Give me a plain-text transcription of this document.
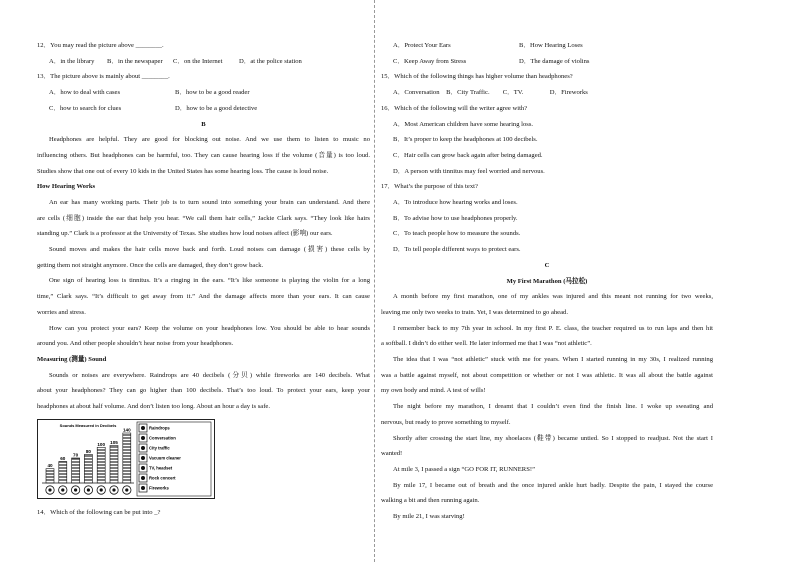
12．You may read the picture above ________.
A．in the library	B．in the newspaper	C．on the Internet	D．at the police station
13．The picture above is mainly about ________.
A．how to deal with cases	B．how to be a good reader
C．how to search for clues	D．how to be a good detective
B
Headphones are helpful. They are good for blocking out noise. And we use them to listen to music no
influencing others. But headphones can be harmful, too. They can cause hearing loss if the volume (音量) is too loud.
Studies show that one out of every 10 kids in the United States has some hearing loss. The cause is loud noise.
How Hearing Works
An ear has many working parts. Their job is to turn sound into something your brain can understand. And there
are cells (细胞) inside the ear that help you hear. “We call them hair cells,” Jackie Clark says. “They look like hairs
standing up.” Clark is a professor at the University of Texas. She studies how loud noises affect (影响) our ears.
Sound moves and makes the hair cells move back and forth. Loud noises can damage (损害) these cells by
getting them not straight anymore. Once the cells are damaged, they don’t grow back.
One sign of hearing loss is tinnitus. It’s a ringing in the ears. “It’s like someone is playing the violin for a long
time,” Clark says. “It’s difficult to get away from it.” And the damage affects more than your ears. It can cause
worries and stress.
How can you protect your ears? Keep the volume on your headphones low. You should be able to hear sounds
around you. And other people shouldn’t hear noise from your headphones.
Measuring (测量) Sound
Sounds or noises are everywhere. Raindrops are 40 decibels (分贝) while fireworks are 140 decibels. What
about your headphones? They can go higher than 100 decibels. That’s too loud. To protect your ears, keep your
headphones at about half volume. And don’t listen too long. About an hour a day is safe.
Sounds Measured in Decibels
40
60
70
80
100 105
140	Raindrops
Conversation
City traffic
Vacuum cleaner
TV, headset
Rock concert
Fireworks
14．Which of the following can be put into _?
A．Protect Your Ears	B．How Hearing Loses
C．Keep Away from Stress	D．The damage of violins
15．Which of the following things has higher volume than headphones?
A．Conversation　B．City Traffic.　　C．TV.　　　　D．Fireworks
16．Which of the following will the writer agree with?
A．Most American children have some hearing loss.
B．It’s proper to keep the headphones at 100 decibels.
C．Hair cells can grow back again after being damaged.
D．A person with tinnitus may feel worried and nervous.
17．What’s the purpose of this text?
A．To introduce how hearing works and loses.
B．To advise how to use headphones properly.
C．To teach people how to measure the sounds.
D．To tell people different ways to protect ears.
C
My First Marathon (马拉松)
A month before my first marathon, one of my ankles was injured and this meant not running for two weeks,
leaving me only two weeks to train. Yet, I was determined to go ahead.
I remember back to my 7th year in school. In my first P. E. class, the teacher required us to run laps and then hit
a softball. I didn’t do either well. He later informed me that I was “not athletic”.
The idea that I was “not athletic” stuck with me for years. When I started running in my 30s, I realized running
was a battle against myself, not about competition or whether or not I was athletic. It was all about the battle against
my own body and mind. A test of wills!
The night before my marathon, I dreamt that I couldn’t even find the finish line. I woke up sweating and
nervous, but ready to prove something to myself.
Shortly after crossing the start line, my shoelaces (鞋带) became untied. So I stopped to readjust. Not the start I
wanted!
At mile 3, I passed a sign “GO FOR IT, RUNNERS!”
By mile 17, I became out of breath and the once injured ankle hurt badly. Despite the pain, I stayed the course
walking a bit and then running again.
By mile 21, I was starving!
